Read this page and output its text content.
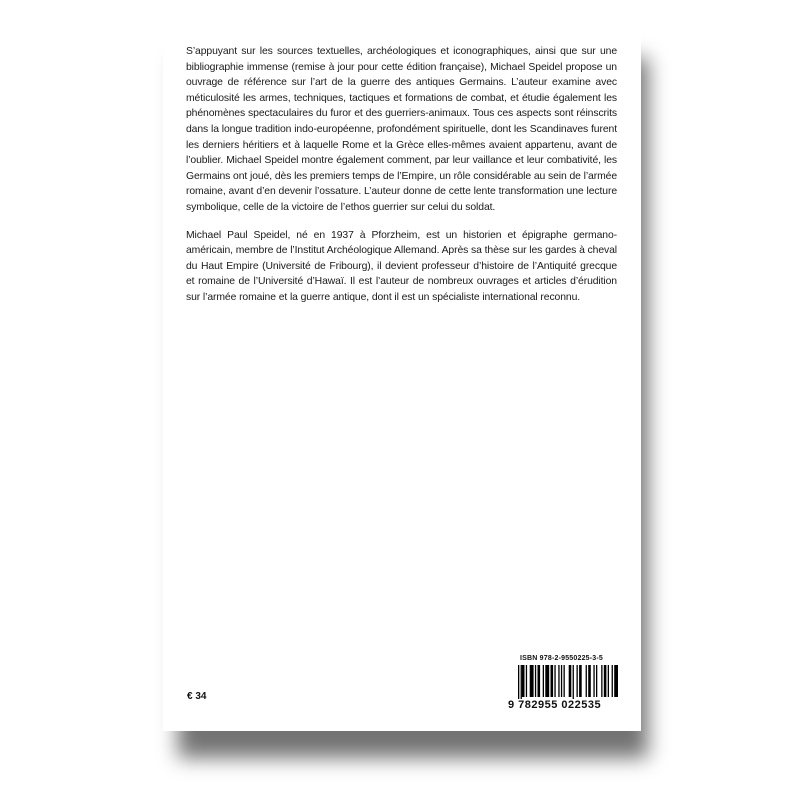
S’appuyant sur les sources textuelles, archéologiques et iconographiques, ainsi que sur une bibliographie immense (remise à jour pour cette édition française), Michael Speidel propose un ouvrage de référence sur l’art de la guerre des antiques Germains. L’auteur examine avec méticulosité les armes, techniques, tactiques et formations de combat, et étudie également les phénomènes spectaculaires du furor et des guerriers-animaux. Tous ces aspects sont réinscrits dans la longue tradition indo-européenne, profondément spirituelle, dont les Scandinaves furent les derniers héritiers et à laquelle Rome et la Grèce elles-mêmes avaient appartenu, avant de l’oublier. Michael Speidel montre également comment, par leur vaillance et leur combativité, les Germains ont joué, dès les premiers temps de l’Empire, un rôle considérable au sein de l’armée romaine, avant d’en devenir l’ossature. L’auteur donne de cette lente transformation une lecture symbolique, celle de la victoire de l’ethos guerrier sur celui du soldat.

Michael Paul Speidel, né en 1937 à Pforzheim, est un historien et épigraphe germano-américain, membre de l’Institut Archéologique Allemand. Après sa thèse sur les gardes à cheval du Haut Empire (Université de Fribourg), il devient professeur d’histoire de l’Antiquité grecque et romaine de l’Université d’Hawaï. Il est l’auteur de nombreux ouvrages et articles d’érudition sur l’armée romaine et la guerre antique, dont il est un spécialiste international reconnu.

€ 34
ISBN 978-2-9550225-3-5
9 782955 022535
